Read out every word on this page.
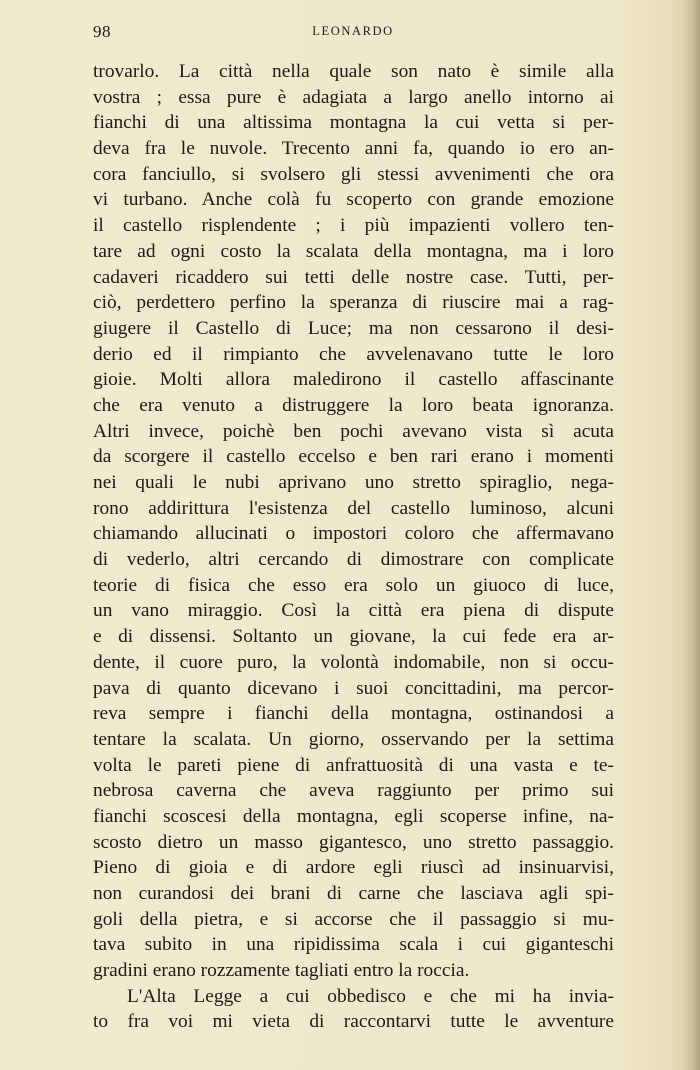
98	LEONARDO
trovarlo. La città nella quale son nato è simile alla
vostra ; essa pure è adagiata a largo anello intorno ai
fianchi di una altissima montagna la cui vetta si per-
deva fra le nuvole. Trecento anni fa, quando io ero an-
cora fanciullo, si svolsero gli stessi avvenimenti che ora
vi turbano. Anche colà fu scoperto con grande emozione
il castello risplendente ; i più impazienti vollero ten-
tare ad ogni costo la scalata della montagna, ma i loro
cadaveri ricaddero sui tetti delle nostre case. Tutti, per-
ciò, perdettero perfino la speranza di riuscire mai a rag-
giugere il Castello di Luce; ma non cessarono il desi-
derio ed il rimpianto che avvelenavano tutte le loro
gioie. Molti allora maledirono il castello affascinante
che era venuto a distruggere la loro beata ignoranza.
Altri invece, poichè ben pochi avevano vista sì acuta
da scorgere il castello eccelso e ben rari erano i momenti
nei quali le nubi aprivano uno stretto spiraglio, nega-
rono addirittura l'esistenza del castello luminoso, alcuni
chiamando allucinati o impostori coloro che affermavano
di vederlo, altri cercando di dimostrare con complicate
teorie di fisica che esso era solo un giuoco di luce,
un vano miraggio. Così la città era piena di dispute
e di dissensi. Soltanto un giovane, la cui fede era ar-
dente, il cuore puro, la volontà indomabile, non si occu-
pava di quanto dicevano i suoi concittadini, ma percor-
reva sempre i fianchi della montagna, ostinandosi a
tentare la scalata. Un giorno, osservando per la settima
volta le pareti piene di anfrattuosità di una vasta e te-
nebrosa caverna che aveva raggiunto per primo sui
fianchi scoscesi della montagna, egli scoperse infine, na-
scosto dietro un masso gigantesco, uno stretto passaggio.
Pieno di gioia e di ardore egli riuscì ad insinuarvisi,
non curandosi dei brani di carne che lasciava agli spi-
goli della pietra, e si accorse che il passaggio si mu-
tava subito in una ripidissima scala i cui giganteschi
gradini erano rozzamente tagliati entro la roccia.
L'Alta Legge a cui obbedisco e che mi ha invia-
to fra voi mi vieta di raccontarvi tutte le avventure
